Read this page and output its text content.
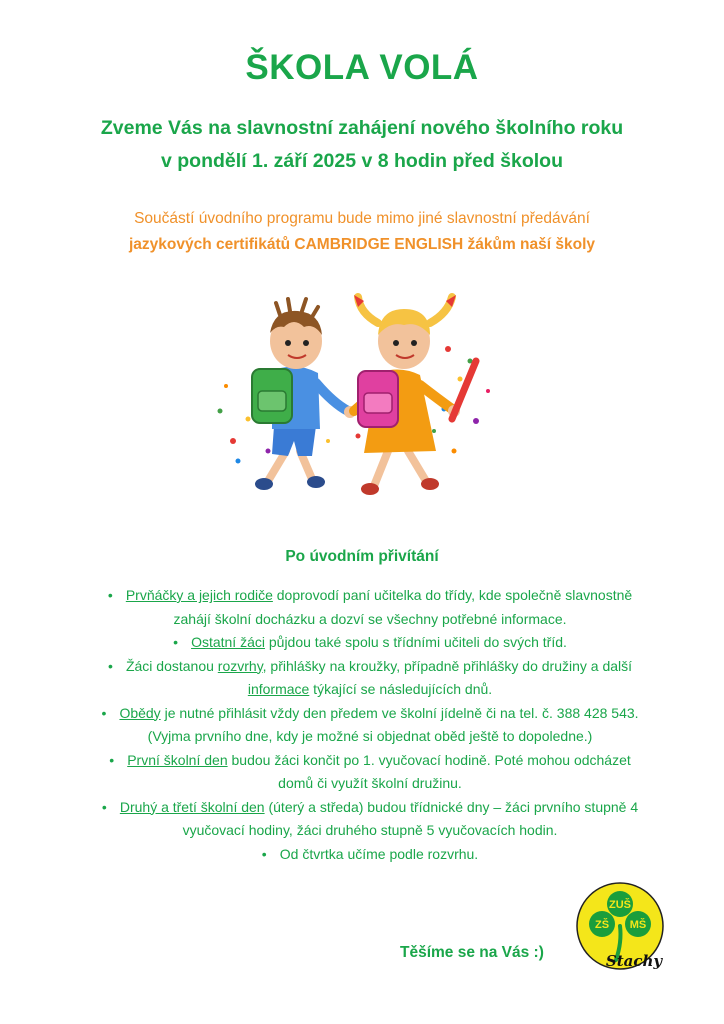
ŠKOLA VOLÁ
Zveme Vás na slavnostní zahájení nového školního roku
v pondělí 1. září 2025 v 8 hodin před školou
Součástí úvodního programu bude mimo jiné slavnostní předávání
jazykových certifikátů CAMBRIDGE ENGLISH žákům naší školy
Po úvodním přivítání
• Prvňáčky a jejich rodiče doprovodí paní učitelka do třídy, kde společně slavnostně
zahájí školní docházku a dozví se všechny potřebné informace.
• Ostatní žáci půjdou také spolu s třídními učiteli do svých tříd.
• Žáci dostanou rozvrhy, přihlášky na kroužky, případně přihlášky do družiny a další
informace týkající se následujících dnů.
• Obědy je nutné přihlásit vždy den předem ve školní jídelně či na tel. č. 388 428 543.
(Vyjma prvního dne, kdy je možné si objednat oběd ještě to dopoledne.)
• První školní den budou žáci končit po 1. vyučovací hodině. Poté mohou odcházet
domů či využít školní družinu.
• Druhý a třetí školní den (úterý a středa) budou třídnické dny – žáci prvního stupně 4
vyučovací hodiny, žáci druhého stupně 5 vyučovacích hodin.
• Od čtvrtka učíme podle rozvrhu.
Těšíme se na Vás :)
ZUŠ
ZŠ MŠ
Stachy
